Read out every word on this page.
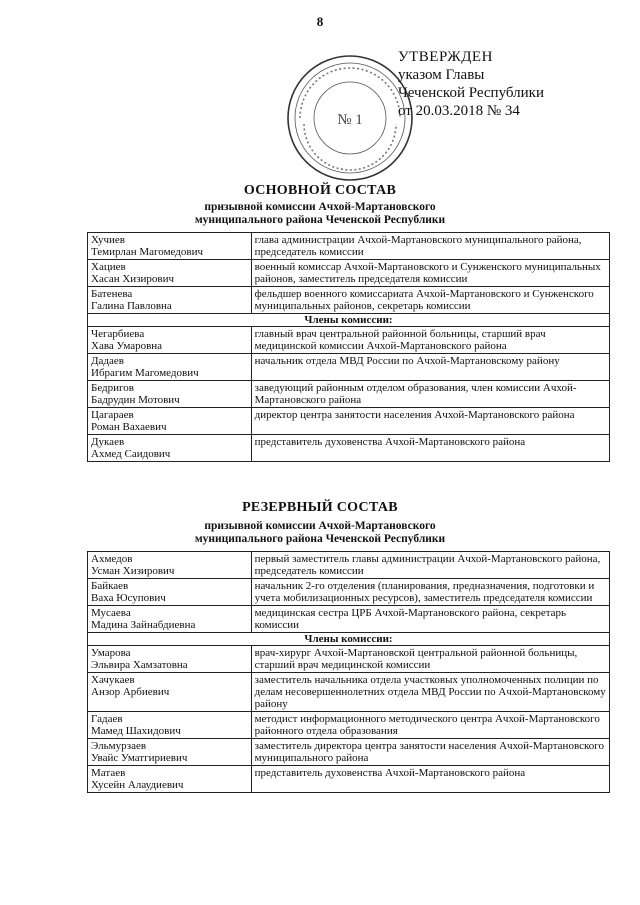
8
№ 1
УТВЕРЖДЕН
указом Главы
Чеченской Республики
от 20.03.2018 № 34
ОСНОВНОЙ СОСТАВ
призывной комиссии Ачхой-Мартановского
муниципального района Чеченской Республики
Хучиев
Темирлан Магомедович	глава администрации Ачхой-Мартановского муниципального района, председатель комиссии

Хациев
Хасан Хизирович	военный комиссар Ачхой-Мартановского и Сунженского муниципальных районов, заместитель председателя комиссии

Батенева
Галина Павловна	фельдшер военного комиссариата Ачхой-Мартановского и Сунженского муниципальных районов, секретарь комиссии
Члены комиссии:	

Чегарбиева
Хава Умаровна	главный врач центральной районной больницы, старший врач медицинской комиссии Ачхой-Мартановского района

Дадаев
Ибрагим Магомедович	начальник отдела МВД России по Ачхой-Мартановскому району

Бедригов
Бадрудин Мотович	заведующий районным отделом образования, член комиссии Ачхой-Мартановского района

Цагараев
Роман Вахаевич	директор центра занятости населения Ачхой-Мартановского района

Дукаев
Ахмед Саидович	представитель духовенства Ачхой-Мартановского района
РЕЗЕРВНЫЙ СОСТАВ
призывной комиссии Ачхой-Мартановского
муниципального района Чеченской Республики
Ахмедов
Усман Хизирович	первый заместитель главы администрации Ачхой-Мартановского района, председатель комиссии

Байкаев
Ваха Юсупович	начальник 2-го отделения (планирования, предназначения, подготовки и учета мобилизационных ресурсов), заместитель председателя комиссии

Мусаева
Мадина Зайнабдиевна	медицинская сестра ЦРБ Ачхой-Мартановского района, секретарь комиссии
Члены комиссии:	

Умарова
Эльвира Хамзатовна	врач-хирург Ачхой-Мартановской центральной районной больницы, старший врач медицинской комиссии

Хачукаев
Анзор Арбиевич	заместитель начальника отдела участковых уполномоченных полиции по делам несовершеннолетних отдела МВД России по Ачхой-Мартановскому району

Гадаев
Мамед Шахидович	методист информационного методического центра Ачхой-Мартановского районного отдела образования

Эльмурзаев
Увайс Уматгириевич	заместитель директора центра занятости населения Ачхой-Мартановского муниципального района

Матаев
Хусейн Алаудиевич	представитель духовенства Ачхой-Мартановского района
